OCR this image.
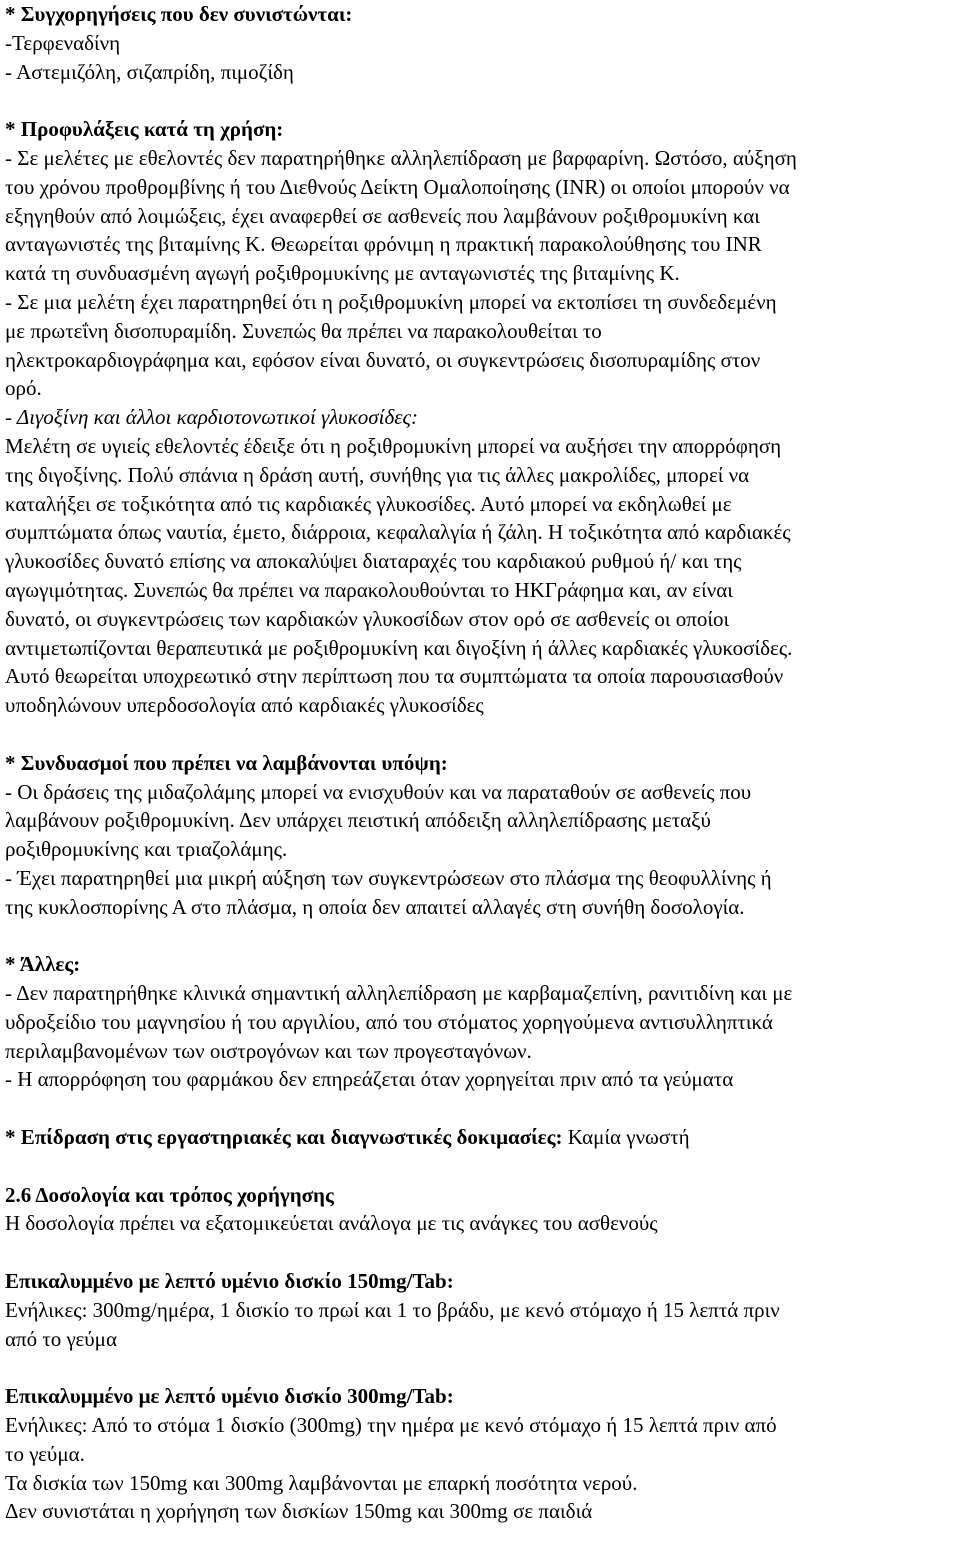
* Συγχορηγήσεις που δεν συνιστώνται:
-Τερφεναδίνη
- Αστεμιζόλη, σιζαπρίδη, πιμοζίδη
* Προφυλάξεις κατά τη χρήση:
- Σε μελέτες με εθελοντές δεν παρατηρήθηκε αλληλεπίδραση με βαρφαρίνη. Ωστόσο, αύξηση
του χρόνου προθρομβίνης ή του Διεθνούς Δείκτη Ομαλοποίησης (INR) οι οποίοι μπορούν να
εξηγηθούν από λοιμώξεις, έχει αναφερθεί σε ασθενείς που λαμβάνουν ροξιθρομυκίνη και
ανταγωνιστές της βιταμίνης Κ. Θεωρείται φρόνιμη η πρακτική παρακολούθησης του INR
κατά τη συνδυασμένη αγωγή ροξιθρομυκίνης με ανταγωνιστές της βιταμίνης Κ.
- Σε μια μελέτη έχει παρατηρηθεί ότι η ροξιθρομυκίνη μπορεί να εκτοπίσει τη συνδεδεμένη
με πρωτεΐνη δισοπυραμίδη. Συνεπώς θα πρέπει να παρακολουθείται το
ηλεκτροκαρδιογράφημα και, εφόσον είναι δυνατό, οι συγκεντρώσεις δισοπυραμίδης στον
ορό.
- Διγοξίνη και άλλοι καρδιοτονωτικοί γλυκοσίδες:
Μελέτη σε υγιείς εθελοντές έδειξε ότι η ροξιθρομυκίνη μπορεί να αυξήσει την απορρόφηση
της διγοξίνης. Πολύ σπάνια η δράση αυτή, συνήθης για τις άλλες μακρολίδες, μπορεί να
καταλήξει σε τοξικότητα από τις καρδιακές γλυκοσίδες. Αυτό μπορεί να εκδηλωθεί με
συμπτώματα όπως ναυτία, έμετο, διάρροια, κεφαλαλγία ή ζάλη. Η τοξικότητα από καρδιακές
γλυκοσίδες δυνατό επίσης να αποκαλύψει διαταραχές του καρδιακού ρυθμού ή/ και της
αγωγιμότητας. Συνεπώς θα πρέπει να παρακολουθούνται το ΗΚΓράφημα και, αν είναι
δυνατό, οι συγκεντρώσεις των καρδιακών γλυκοσίδων στον ορό σε ασθενείς οι οποίοι
αντιμετωπίζονται θεραπευτικά με ροξιθρομυκίνη και διγοξίνη ή άλλες καρδιακές γλυκοσίδες.
Αυτό θεωρείται υποχρεωτικό στην περίπτωση που τα συμπτώματα τα οποία παρουσιασθούν
υποδηλώνουν υπερδοσολογία από καρδιακές γλυκοσίδες
* Συνδυασμοί που πρέπει να λαμβάνονται υπόψη:
- Οι δράσεις της μιδαζολάμης μπορεί να ενισχυθούν και να παραταθούν σε ασθενείς που
λαμβάνουν ροξιθρομυκίνη. Δεν υπάρχει πειστική απόδειξη αλληλεπίδρασης μεταξύ
ροξιθρομυκίνης και τριαζολάμης.
- Έχει παρατηρηθεί μια μικρή αύξηση των συγκεντρώσεων στο πλάσμα της θεοφυλλίνης ή
της κυκλοσπορίνης Α στο πλάσμα, η οποία δεν απαιτεί αλλαγές στη συνήθη δοσολογία.
* Άλλες:
- Δεν παρατηρήθηκε κλινικά σημαντική αλληλεπίδραση με καρβαμαζεπίνη, ρανιτιδίνη και με
υδροξείδιο του μαγνησίου ή του αργιλίου, από του στόματος χορηγούμενα αντισυλληπτικά
περιλαμβανομένων των οιστρογόνων και των προγεσταγόνων.
- Η απορρόφηση του φαρμάκου δεν επηρεάζεται όταν χορηγείται πριν από τα γεύματα
* Επίδραση στις εργαστηριακές και διαγνωστικές δοκιμασίες: Καμία γνωστή
2.6 Δοσολογία και τρόπος χορήγησης
Η δοσολογία πρέπει να εξατομικεύεται ανάλογα με τις ανάγκες του ασθενούς
Επικαλυμμένο με λεπτό υμένιο δισκίο 150mg/Tab:
Ενήλικες: 300mg/ημέρα, 1 δισκίο το πρωί και 1 το βράδυ, με κενό στόμαχο ή 15 λεπτά πριν
από το γεύμα
Επικαλυμμένο με λεπτό υμένιο δισκίο 300mg/Tab:
Ενήλικες: Από το στόμα 1 δισκίο (300mg) την ημέρα με κενό στόμαχο ή 15 λεπτά πριν από
το γεύμα.
Τα δισκία των 150mg και 300mg λαμβάνονται με επαρκή ποσότητα νερού.
Δεν συνιστάται η χορήγηση των δισκίων 150mg και 300mg σε παιδιά
